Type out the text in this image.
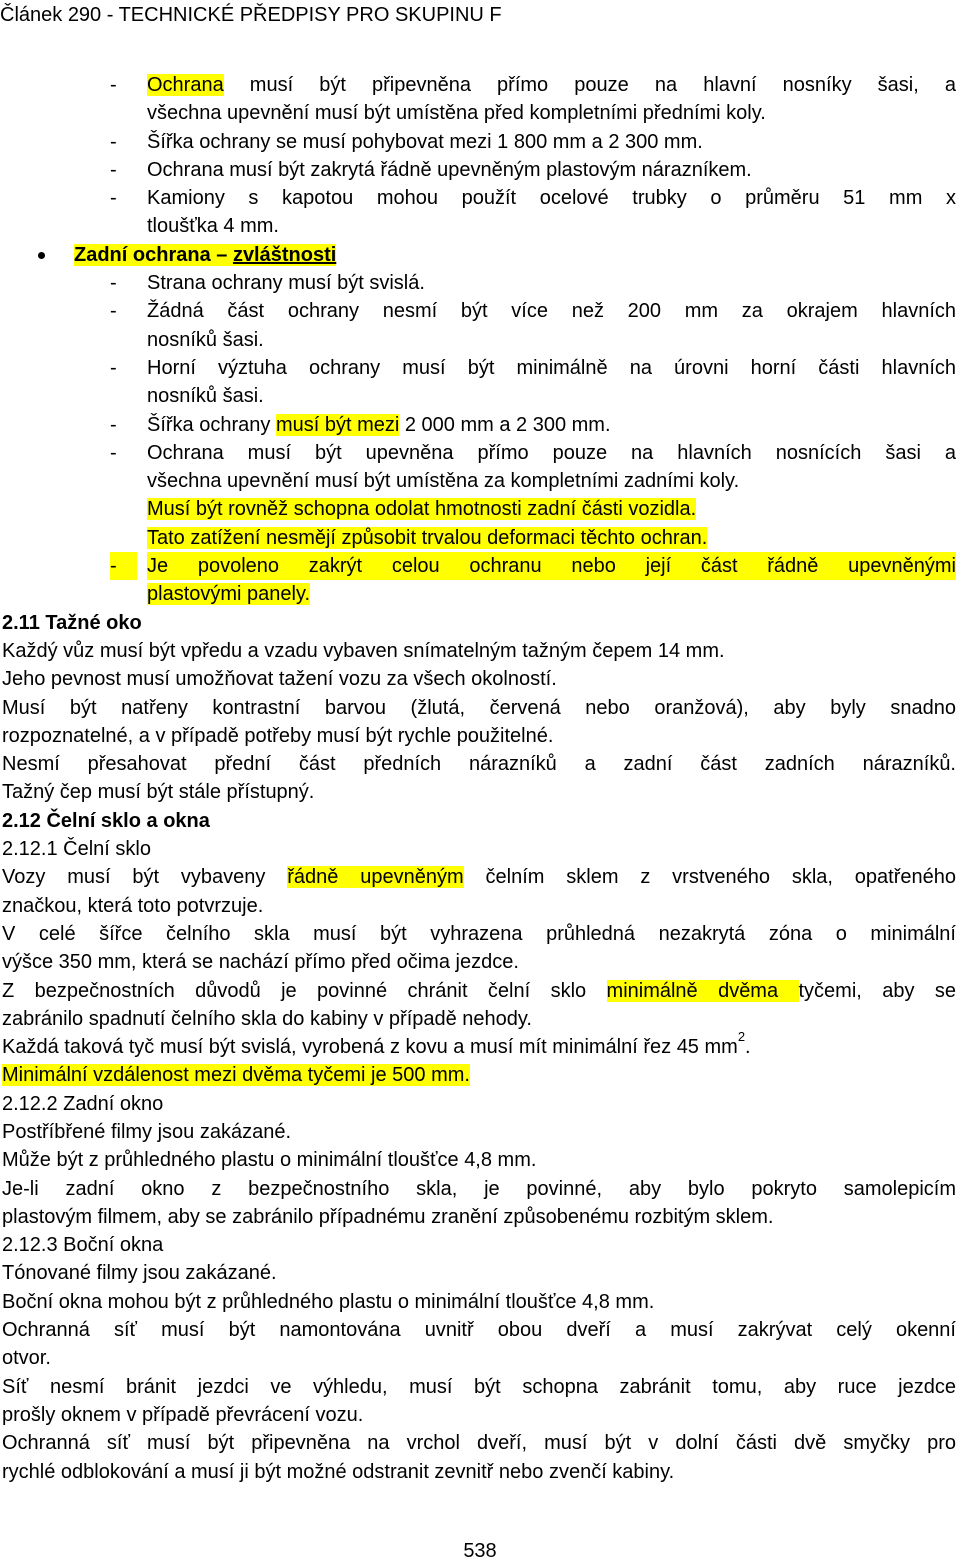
Článek 290 - TECHNICKÉ PŘEDPISY PRO SKUPINU F
- Ochrana musí být připevněna přímo pouze na hlavní nosníky šasi, a
všechna upevnění musí být umístěna před kompletními předními koly.
- Šířka ochrany se musí pohybovat mezi 1 800 mm a 2 300 mm.
- Ochrana musí být zakrytá řádně upevněným plastovým nárazníkem.
- Kamiony s kapotou mohou použít ocelové trubky o průměru 51 mm x
tloušťka 4 mm.
Zadní ochrana – zvláštnosti
- Strana ochrany musí být svislá.
- Žádná část ochrany nesmí být více než 200 mm za okrajem hlavních
nosníků šasi.
- Horní výztuha ochrany musí být minimálně na úrovni horní části hlavních
nosníků šasi.
- Šířka ochrany musí být mezi 2 000 mm a 2 300 mm.
- Ochrana musí být upevněna přímo pouze na hlavních nosnících šasi a
všechna upevnění musí být umístěna za kompletními zadními koly.
Musí být rovněž schopna odolat hmotnosti zadní části vozidla.
Tato zatížení nesmějí způsobit trvalou deformaci těchto ochran.
-	Je povoleno zakrýt celou ochranu nebo její část řádně upevněnými
plastovými panely.
2.11 Tažné oko
Každý vůz musí být vpředu a vzadu vybaven snímatelným tažným čepem 14 mm.
Jeho pevnost musí umožňovat tažení vozu za všech okolností.
Musí být natřeny kontrastní barvou (žlutá, červená nebo oranžová), aby byly snadno
rozpoznatelné, a v případě potřeby musí být rychle použitelné.
Nesmí přesahovat přední část předních nárazníků a zadní část zadních nárazníků.
Tažný čep musí být stále přístupný.
2.12 Čelní sklo a okna
2.12.1 Čelní sklo
Vozy musí být vybaveny řádně upevněným čelním sklem z vrstveného skla, opatřeného
značkou, která toto potvrzuje.
V celé šířce čelního skla musí být vyhrazena průhledná nezakrytá zóna o minimální
výšce 350 mm, která se nachází přímo před očima jezdce.
Z bezpečnostních důvodů je povinné chránit čelní sklo minimálně dvěma tyčemi, aby se
zabránilo spadnutí čelního skla do kabiny v případě nehody.
Každá taková tyč musí být svislá, vyrobená z kovu a musí mít minimální řez 45 $mm^2$.
Minimální vzdálenost mezi dvěma tyčemi je 500 mm.
2.12.2 Zadní okno
Postříbřené filmy jsou zakázané.
Může být z průhledného plastu o minimální tloušťce 4,8 mm.
Je-li zadní okno z bezpečnostního skla, je povinné, aby bylo pokryto samolepicím
plastovým filmem, aby se zabránilo případnému zranění způsobenému rozbitým sklem.
2.12.3 Boční okna
Tónované filmy jsou zakázané.
Boční okna mohou být z průhledného plastu o minimální tloušťce 4,8 mm.
Ochranná síť musí být namontována uvnitř obou dveří a musí zakrývat celý okenní
otvor.
Síť nesmí bránit jezdci ve výhledu, musí být schopna zabránit tomu, aby ruce jezdce
prošly oknem v případě převrácení vozu.
Ochranná síť musí být připevněna na vrchol dveří, musí být v dolní části dvě smyčky pro
rychlé odblokování a musí ji být možné odstranit zevnitř nebo zvenčí kabiny.
538
